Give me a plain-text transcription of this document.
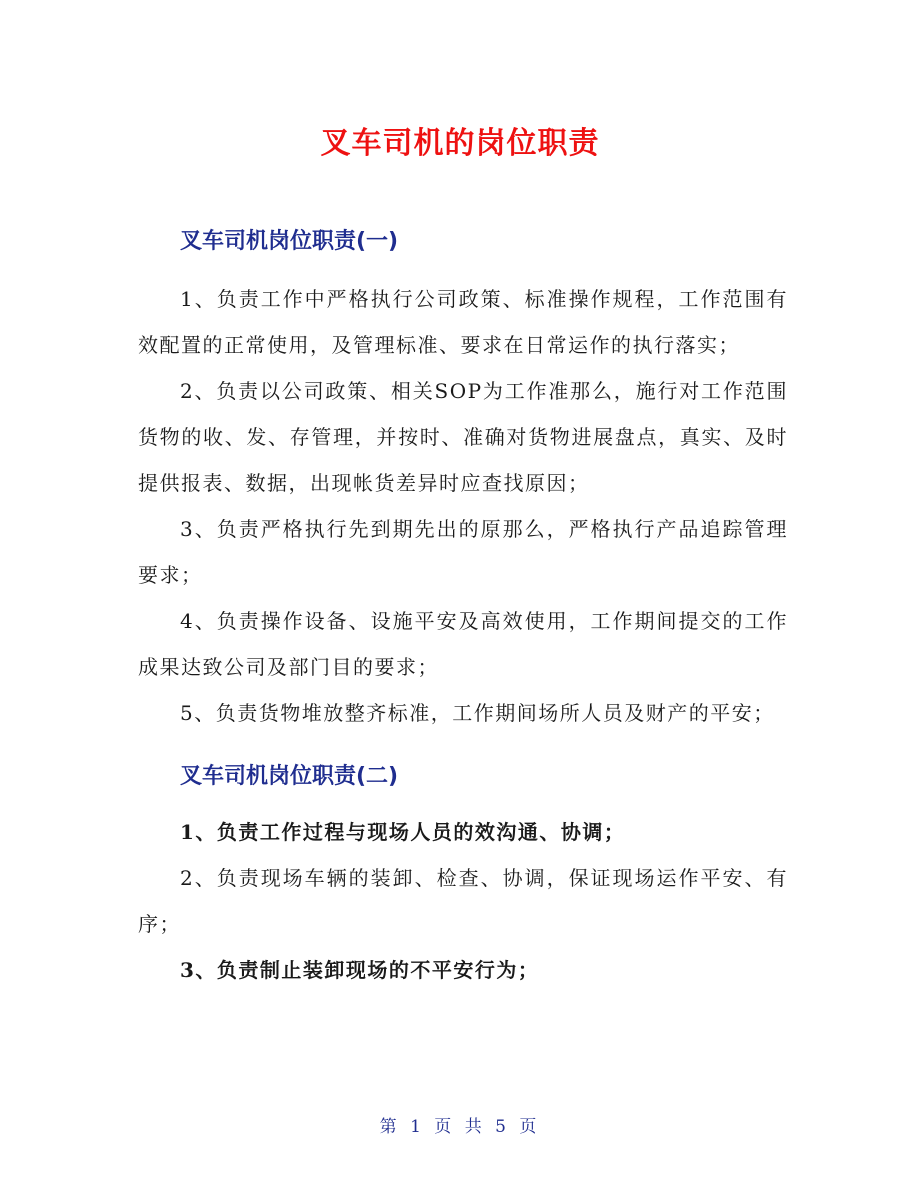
叉车司机的岗位职责
叉车司机岗位职责(一)

1、负责工作中严格执行公司政策、标准操作规程，工作范围有效配置的正常使用，及管理标准、要求在日常运作的执行落实；

2、负责以公司政策、相关SOP为工作准那么，施行对工作范围货物的收、发、存管理，并按时、准确对货物进展盘点，真实、及时提供报表、数据，出现帐货差异时应查找原因；

3、负责严格执行先到期先出的原那么，严格执行产品追踪管理要求；

4、负责操作设备、设施平安及高效使用，工作期间提交的工作成果达致公司及部门目的要求；

5、负责货物堆放整齐标准，工作期间场所人员及财产的平安；

叉车司机岗位职责(二)

1、负责工作过程与现场人员的效沟通、协调；

2、负责现场车辆的装卸、检查、协调，保证现场运作平安、有序；

3、负责制止装卸现场的不平安行为；

第 1 页 共 5 页
